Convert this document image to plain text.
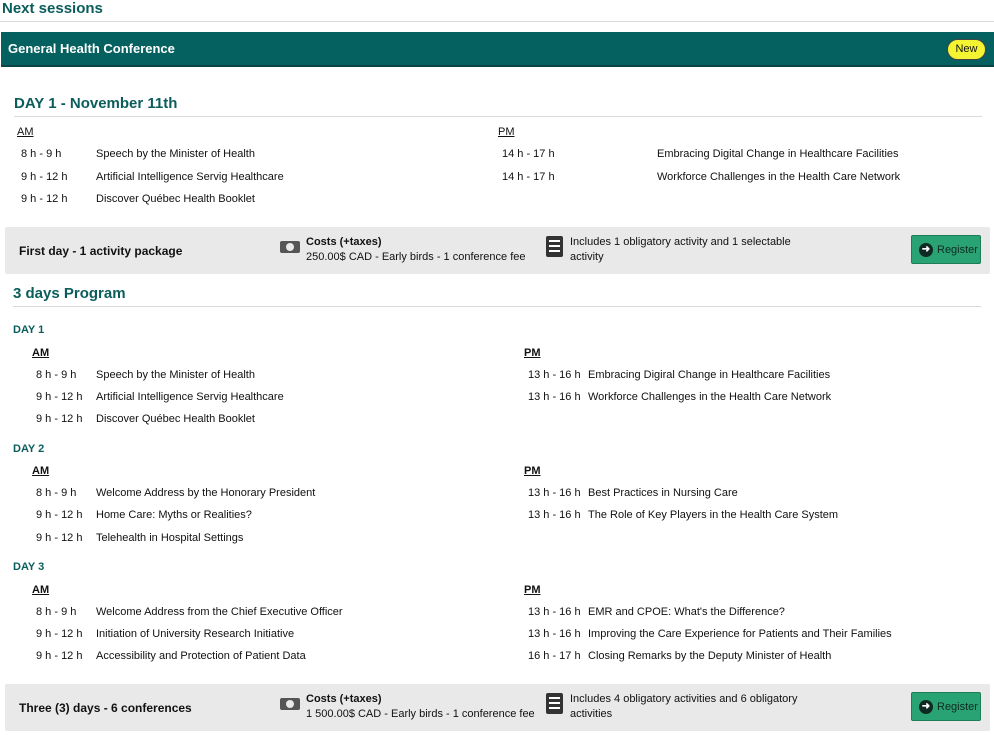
Next sessions
General Health Conference	New
DAY 1 - November 11th
AM	PM
8 h - 9 h	Speech by the Minister of Health
9 h - 12 h	Artificial Intelligence Servig Healthcare
9 h - 12 h	Discover Québec Health Booklet
14 h - 17 h	Embracing Digital Change in Healthcare Facilities
14 h - 17 h	Workforce Challenges in the Health Care Network
First day - 1 activity package
Costs (+taxes)
250.00$ CAD - Early birds - 1 conference fee
Includes 1 obligatory activity and 1 selectable activity
➜ Register
3 days Program
DAY 1
AM	PM
8 h - 9 h Speech by the Minister of Health
9 h - 12 h Artificial Intelligence Servig Healthcare
9 h - 12 h Discover Québec Health Booklet
13 h - 16 h Embracing Digiral Change in Healthcare Facilities
13 h - 16 h Workforce Challenges in the Health Care Network
DAY 2
AM	PM
8 h - 9 h Welcome Address by the Honorary President
9 h - 12 h Home Care: Myths or Realities?
9 h - 12 h Telehealth in Hospital Settings
13 h - 16 h Best Practices in Nursing Care
13 h - 16 h The Role of Key Players in the Health Care System
DAY 3
AM	PM
8 h - 9 h Welcome Address from the Chief Executive Officer
9 h - 12 h Initiation of University Research Initiative
9 h - 12 h Accessibility and Protection of Patient Data
13 h - 16 h EMR and CPOE: What's the Difference?
13 h - 16 h Improving the Care Experience for Patients and Their Families
16 h - 17 h Closing Remarks by the Deputy Minister of Health
Three (3) days - 6 conferences
Costs (+taxes)
1 500.00$ CAD - Early birds - 1 conference fee
Includes 4 obligatory activities and 6 obligatory activities
➜ Register
